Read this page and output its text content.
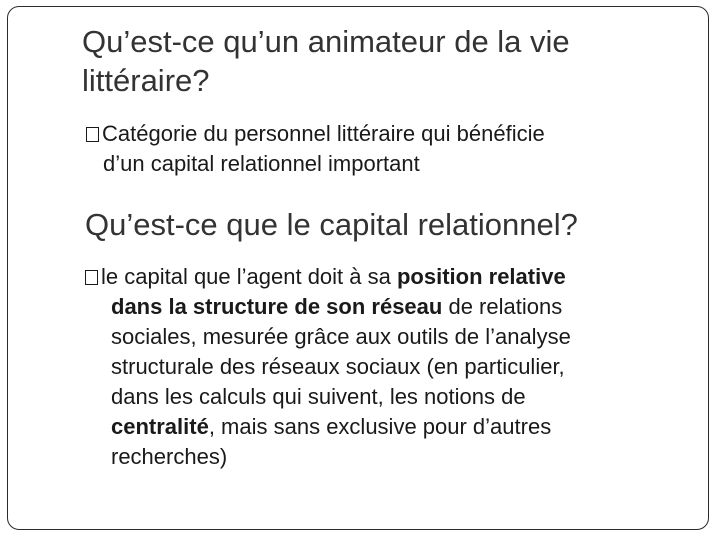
Qu’est-ce qu’un animateur de la vie littéraire?

Catégorie du personnel littéraire qui bénéficie
d’un capital relationnel important

Qu’est-ce que le capital relationnel?

le capital que l’agent doit à sa position relative
dans la structure de son réseau de relations
sociales, mesurée grâce aux outils de l’analyse
structurale des réseaux sociaux (en particulier,
dans les calculs qui suivent, les notions de
centralité, mais sans exclusive pour d’autres
recherches)
